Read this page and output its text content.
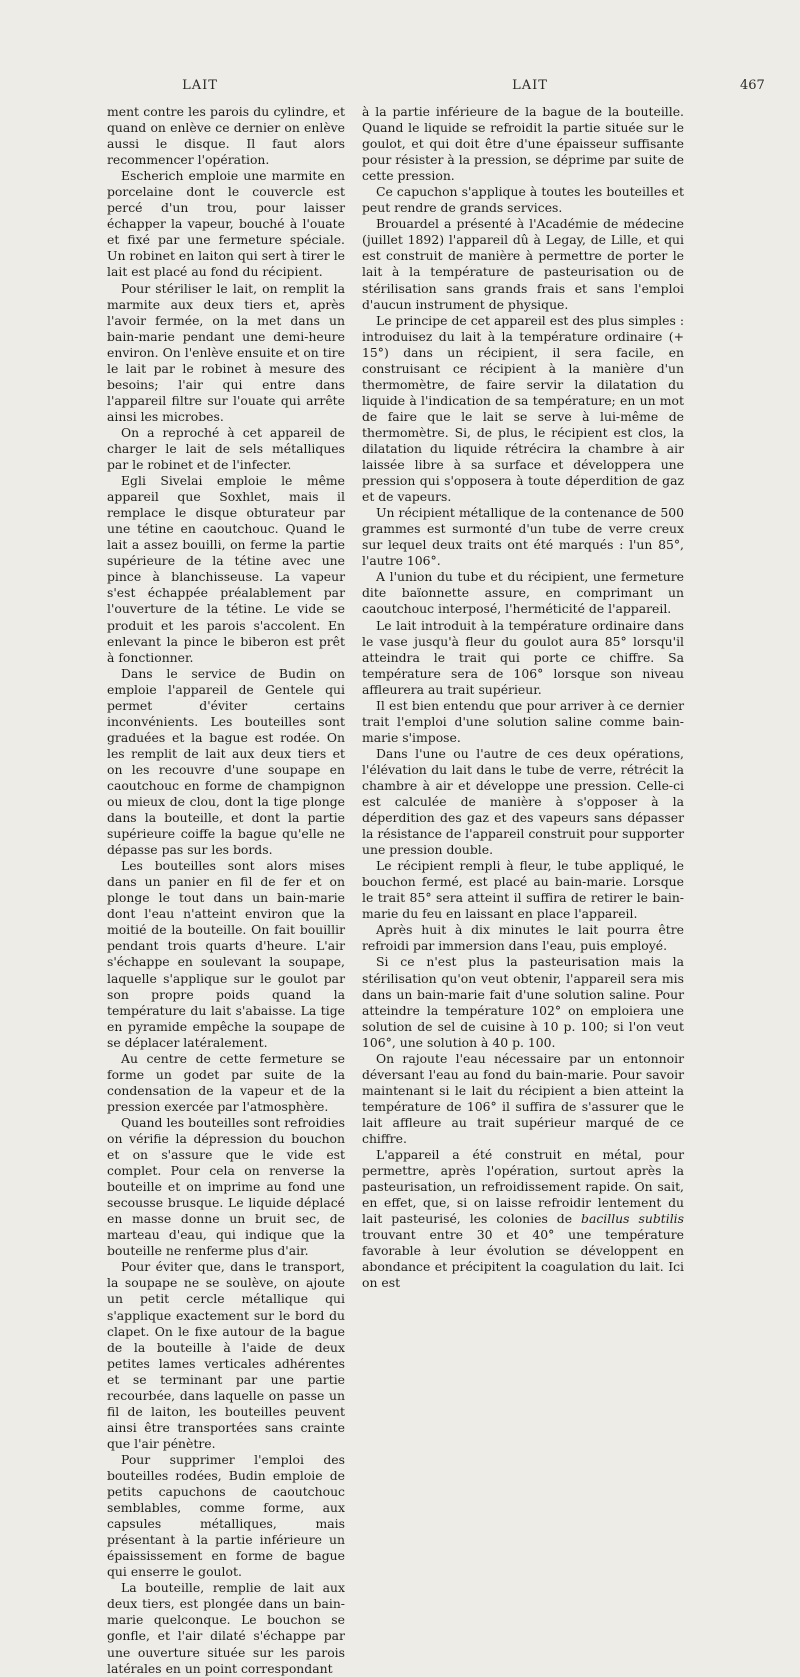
LAIT	LAIT	467

ment contre les parois du cylindre, et quand on enlève ce dernier on enlève aussi le disque. Il faut alors recommencer l'opération.

Escherich emploie une marmite en porcelaine dont le couvercle est percé d'un trou, pour laisser échapper la vapeur, bouché à l'ouate et fixé par une fermeture spéciale. Un robinet en laiton qui sert à tirer le lait est placé au fond du récipient.

Pour stériliser le lait, on remplit la marmite aux deux tiers et, après l'avoir fermée, on la met dans un bain-marie pendant une demi-heure environ. On l'enlève ensuite et on tire le lait par le robinet à mesure des besoins; l'air qui entre dans l'appareil filtre sur l'ouate qui arrête ainsi les microbes.

On a reproché à cet appareil de charger le lait de sels métalliques par le robinet et de l'infecter.

Egli Sivelai emploie le même appareil que Soxhlet, mais il remplace le disque obturateur par une tétine en caoutchouc. Quand le lait a assez bouilli, on ferme la partie supérieure de la tétine avec une pince à blanchisseuse. La vapeur s'est échappée préalablement par l'ouverture de la tétine. Le vide se produit et les parois s'accolent. En enlevant la pince le biberon est prêt à fonctionner.

Dans le service de Budin on emploie l'appareil de Gentele qui permet d'éviter certains inconvénients. Les bouteilles sont graduées et la bague est rodée. On les remplit de lait aux deux tiers et on les recouvre d'une soupape en caoutchouc en forme de champignon ou mieux de clou, dont la tige plonge dans la bouteille, et dont la partie supérieure coiffe la bague qu'elle ne dépasse pas sur les bords.

Les bouteilles sont alors mises dans un panier en fil de fer et on plonge le tout dans un bain-marie dont l'eau n'atteint environ que la moitié de la bouteille. On fait bouillir pendant trois quarts d'heure. L'air s'échappe en soulevant la soupape, laquelle s'applique sur le goulot par son propre poids quand la température du lait s'abaisse. La tige en pyramide empêche la soupape de se déplacer latéralement.

Au centre de cette fermeture se forme un godet par suite de la condensation de la vapeur et de la pression exercée par l'atmosphère.

Quand les bouteilles sont refroidies on vérifie la dépression du bouchon et on s'assure que le vide est complet. Pour cela on renverse la bouteille et on imprime au fond une secousse brusque. Le liquide déplacé en masse donne un bruit sec, de marteau d'eau, qui indique que la bouteille ne renferme plus d'air.

Pour éviter que, dans le transport, la soupape ne se soulève, on ajoute un petit cercle métallique qui s'applique exactement sur le bord du clapet. On le fixe autour de la bague de la bouteille à l'aide de deux petites lames verticales adhérentes et se terminant par une partie recourbée, dans laquelle on passe un fil de laiton, les bouteilles peuvent ainsi être transportées sans crainte que l'air pénètre.

Pour supprimer l'emploi des bouteilles rodées, Budin emploie de petits capuchons de caoutchouc semblables, comme forme, aux capsules métalliques, mais présentant à la partie inférieure un épaississement en forme de bague qui enserre le goulot.

La bouteille, remplie de lait aux deux tiers, est plongée dans un bain-marie quelconque. Le bouchon se gonfle, et l'air dilaté s'échappe par une ouverture située sur les parois latérales en un point correspondant

à la partie inférieure de la bague de la bouteille. Quand le liquide se refroidit la partie située sur le goulot, et qui doit être d'une épaisseur suffisante pour résister à la pression, se déprime par suite de cette pression.

Ce capuchon s'applique à toutes les bouteilles et peut rendre de grands services.

Brouardel a présenté à l'Académie de médecine (juillet 1892) l'appareil dû à Legay, de Lille, et qui est construit de manière à permettre de porter le lait à la température de pasteurisation ou de stérilisation sans grands frais et sans l'emploi d'aucun instrument de physique.

Le principe de cet appareil est des plus simples : introduisez du lait à la température ordinaire (+ 15°) dans un récipient, il sera facile, en construisant ce récipient à la manière d'un thermomètre, de faire servir la dilatation du liquide à l'indication de sa température; en un mot de faire que le lait se serve à lui-même de thermomètre. Si, de plus, le récipient est clos, la dilatation du liquide rétrécira la chambre à air laissée libre à sa surface et développera une pression qui s'opposera à toute déperdition de gaz et de vapeurs.

Un récipient métallique de la contenance de 500 grammes est surmonté d'un tube de verre creux sur lequel deux traits ont été marqués : l'un 85°, l'autre 106°.

A l'union du tube et du récipient, une fermeture dite baïonnette assure, en comprimant un caoutchouc interposé, l'herméticité de l'appareil.

Le lait introduit à la température ordinaire dans le vase jusqu'à fleur du goulot aura 85° lorsqu'il atteindra le trait qui porte ce chiffre. Sa température sera de 106° lorsque son niveau affleurera au trait supérieur.

Il est bien entendu que pour arriver à ce dernier trait l'emploi d'une solution saline comme bain-marie s'impose.

Dans l'une ou l'autre de ces deux opérations, l'élévation du lait dans le tube de verre, rétrécit la chambre à air et développe une pression. Celle-ci est calculée de manière à s'opposer à la déperdition des gaz et des vapeurs sans dépasser la résistance de l'appareil construit pour supporter une pression double.

Le récipient rempli à fleur, le tube appliqué, le bouchon fermé, est placé au bain-marie. Lorsque le trait 85° sera atteint il suffira de retirer le bain-marie du feu en laissant en place l'appareil.

Après huit à dix minutes le lait pourra être refroidi par immersion dans l'eau, puis employé.

Si ce n'est plus la pasteurisation mais la stérilisation qu'on veut obtenir, l'appareil sera mis dans un bain-marie fait d'une solution saline. Pour atteindre la température 102° on emploiera une solution de sel de cuisine à 10 p. 100; si l'on veut 106°, une solution à 40 p. 100.

On rajoute l'eau nécessaire par un entonnoir déversant l'eau au fond du bain-marie. Pour savoir maintenant si le lait du récipient a bien atteint la température de 106° il suffira de s'assurer que le lait affleure au trait supérieur marqué de ce chiffre.

L'appareil a été construit en métal, pour permettre, après l'opération, surtout après la pasteurisation, un refroidissement rapide. On sait, en effet, que, si on laisse refroidir lentement du lait pasteurisé, les colonies de bacillus subtilis trouvant entre 30 et 40° une température favorable à leur évolution se développent en abondance et précipitent la coagulation du lait. Ici on est
